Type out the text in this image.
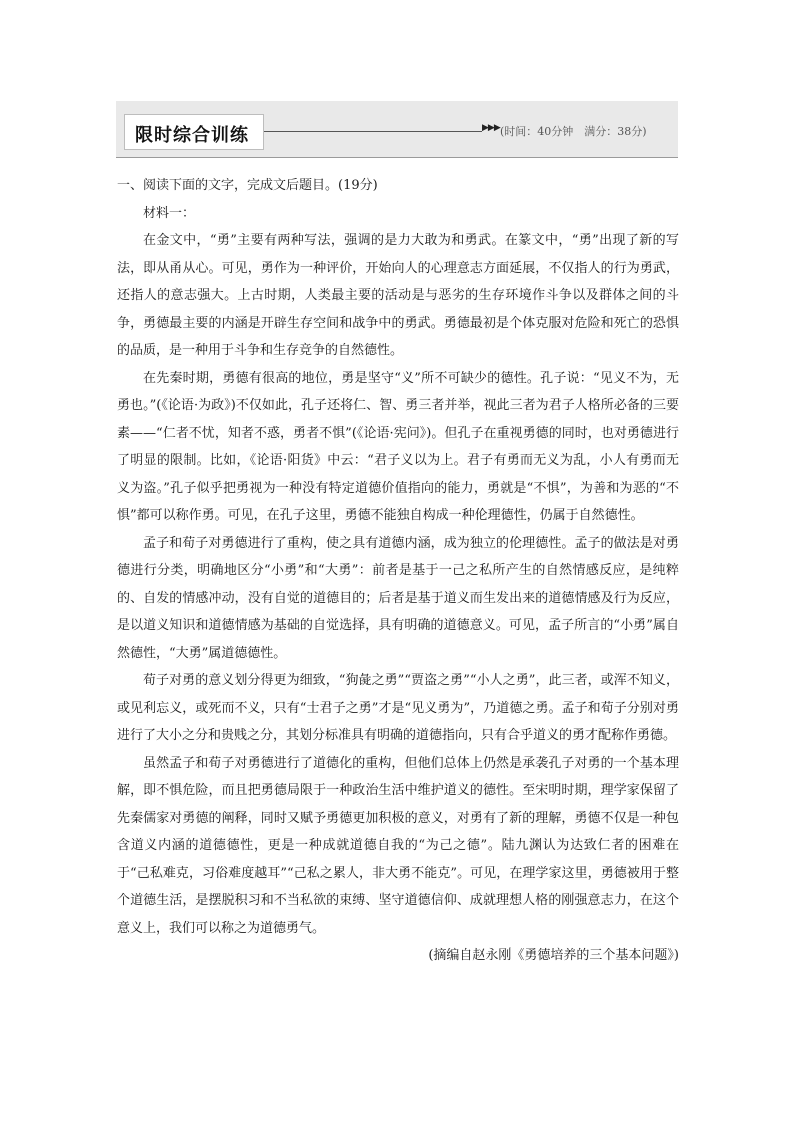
限时综合训练	▶▶▶ (时间：40分钟　满分：38分)

一、阅读下面的文字，完成文后题目。(19分)

材料一：

在金文中，“勇”主要有两种写法，强调的是力大敢为和勇武。在篆文中，“勇”出现了新的写法，即从甬从心。可见，勇作为一种评价，开始向人的心理意志方面延展，不仅指人的行为勇武，还指人的意志强大。上古时期，人类最主要的活动是与恶劣的生存环境作斗争以及群体之间的斗争，勇德最主要的内涵是开辟生存空间和战争中的勇武。勇德最初是个体克服对危险和死亡的恐惧的品质，是一种用于斗争和生存竞争的自然德性。

在先秦时期，勇德有很高的地位，勇是坚守“义”所不可缺少的德性。孔子说：“见义不为，无勇也。”(《论语·为政》)不仅如此，孔子还将仁、智、勇三者并举，视此三者为君子人格所必备的三要素——“仁者不忧，知者不惑，勇者不惧”(《论语·宪问》)。但孔子在重视勇德的同时，也对勇德进行了明显的限制。比如，《论语·阳货》中云：“君子义以为上。君子有勇而无义为乱，小人有勇而无义为盗。”孔子似乎把勇视为一种没有特定道德价值指向的能力，勇就是“不惧”，为善和为恶的“不惧”都可以称作勇。可见，在孔子这里，勇德不能独自构成一种伦理德性，仍属于自然德性。

孟子和荀子对勇德进行了重构，使之具有道德内涵，成为独立的伦理德性。孟子的做法是对勇德进行分类，明确地区分“小勇”和“大勇”：前者是基于一己之私所产生的自然情感反应，是纯粹的、自发的情感冲动，没有自觉的道德目的；后者是基于道义而生发出来的道德情感及行为反应，是以道义知识和道德情感为基础的自觉选择，具有明确的道德意义。可见，孟子所言的“小勇”属自然德性，“大勇”属道德德性。

荀子对勇的意义划分得更为细致，“狗彘之勇”“贾盗之勇”“小人之勇”，此三者，或浑不知义，或见利忘义，或死而不义，只有“士君子之勇”才是“见义勇为”，乃道德之勇。孟子和荀子分别对勇进行了大小之分和贵贱之分，其划分标准具有明确的道德指向，只有合乎道义的勇才配称作勇德。

虽然孟子和荀子对勇德进行了道德化的重构，但他们总体上仍然是承袭孔子对勇的一个基本理解，即不惧危险，而且把勇德局限于一种政治生活中维护道义的德性。至宋明时期，理学家保留了先秦儒家对勇德的阐释，同时又赋予勇德更加积极的意义，对勇有了新的理解，勇德不仅是一种包含道义内涵的道德德性，更是一种成就道德自我的“为己之德”。陆九渊认为达致仁者的困难在于“己私难克，习俗难度越耳”“己私之累人，非大勇不能克”。可见，在理学家这里，勇德被用于整个道德生活，是摆脱积习和不当私欲的束缚、坚守道德信仰、成就理想人格的刚强意志力，在这个意义上，我们可以称之为道德勇气。

(摘编自赵永刚《勇德培养的三个基本问题》)
